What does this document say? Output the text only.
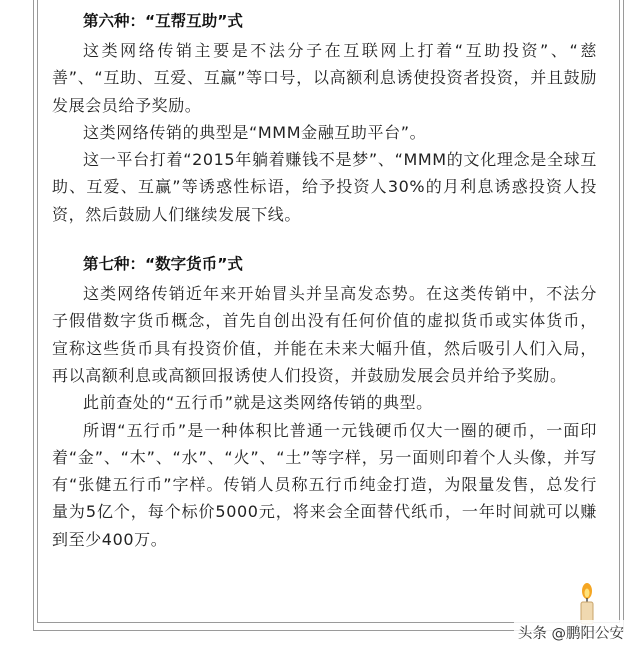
第六种：“互帮互助”式

这类网络传销主要是不法分子在互联网上打着“互助投资”、“慈善”、“互助、互爱、互赢”等口号，以高额利息诱使投资者投资，并且鼓励发展会员给予奖励。

这类网络传销的典型是“MMM金融互助平台”。

这一平台打着“2015年躺着赚钱不是梦”、“MMM的文化理念是全球互助、互爱、互赢”等诱惑性标语，给予投资人30%的月利息诱惑投资人投资，然后鼓励人们继续发展下线。

第七种：“数字货币”式

这类网络传销近年来开始冒头并呈高发态势。在这类传销中，不法分子假借数字货币概念，首先自创出没有任何价值的虚拟货币或实体货币，宣称这些货币具有投资价值，并能在未来大幅升值，然后吸引人们入局，再以高额利息或高额回报诱使人们投资，并鼓励发展会员并给予奖励。

此前查处的“五行币”就是这类网络传销的典型。

所谓“五行币”是一种体积比普通一元钱硬币仅大一圈的硬币，一面印着“金”、“木”、“水”、“火”、“土”等字样，另一面则印着个人头像，并写有“张健五行币”字样。传销人员称五行币纯金打造，为限量发售，总发行量为5亿个，每个标价5000元，将来会全面替代纸币，一年时间就可以赚到至少400万。

头条 @鹏阳公安
